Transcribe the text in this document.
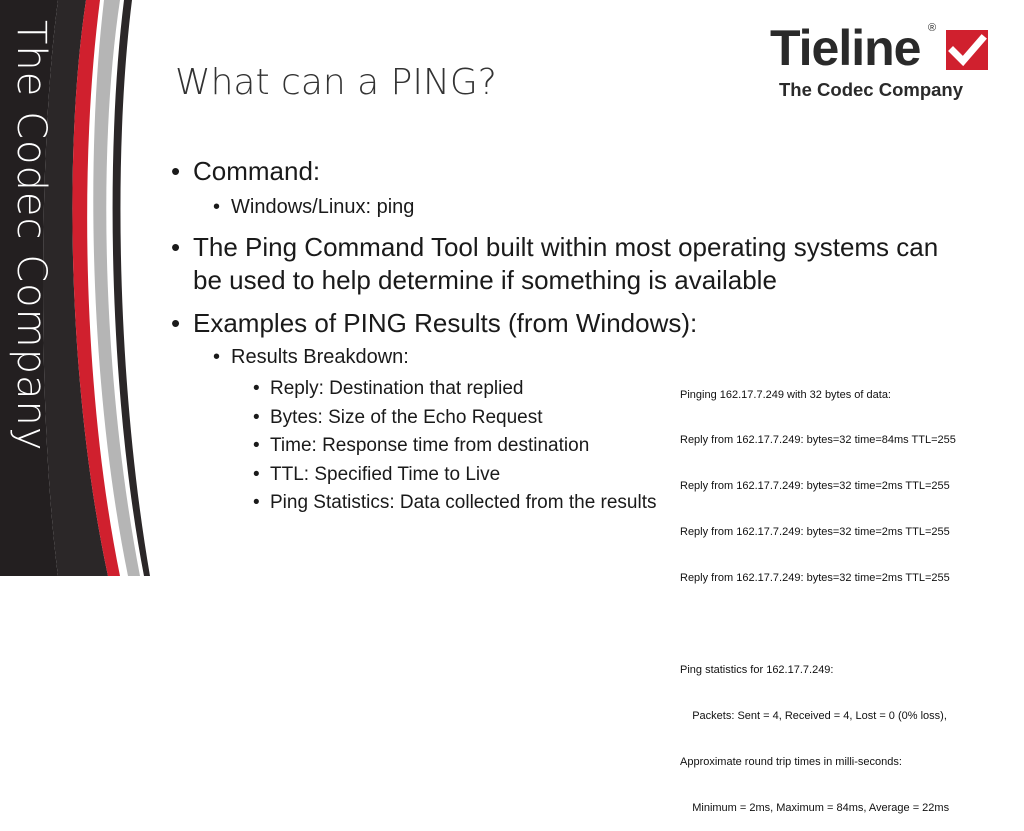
The Codec Company	Tieline ®
The Codec Company
What can a PING?
• Command:
• Windows/Linux: ping
• The Ping Command Tool built within most operating systems can
be used to help determine if something is available
• Examples of PING Results (from Windows):
• Results Breakdown:
• Reply: Destination that replied
• Bytes: Size of the Echo Request
• Time: Response time from destination
• TTL: Specified Time to Live
• Ping Statistics: Data collected from the results

Pinging 162.17.7.249 with 32 bytes of data:

Reply from 162.17.7.249: bytes=32 time=84ms TTL=255

Reply from 162.17.7.249: bytes=32 time=2ms TTL=255

Reply from 162.17.7.249: bytes=32 time=2ms TTL=255

Reply from 162.17.7.249: bytes=32 time=2ms TTL=255

Ping statistics for 162.17.7.249:

Packets: Sent = 4, Received = 4, Lost = 0 (0% loss),

Approximate round trip times in milli-seconds:

Minimum = 2ms, Maximum = 84ms, Average = 22ms
